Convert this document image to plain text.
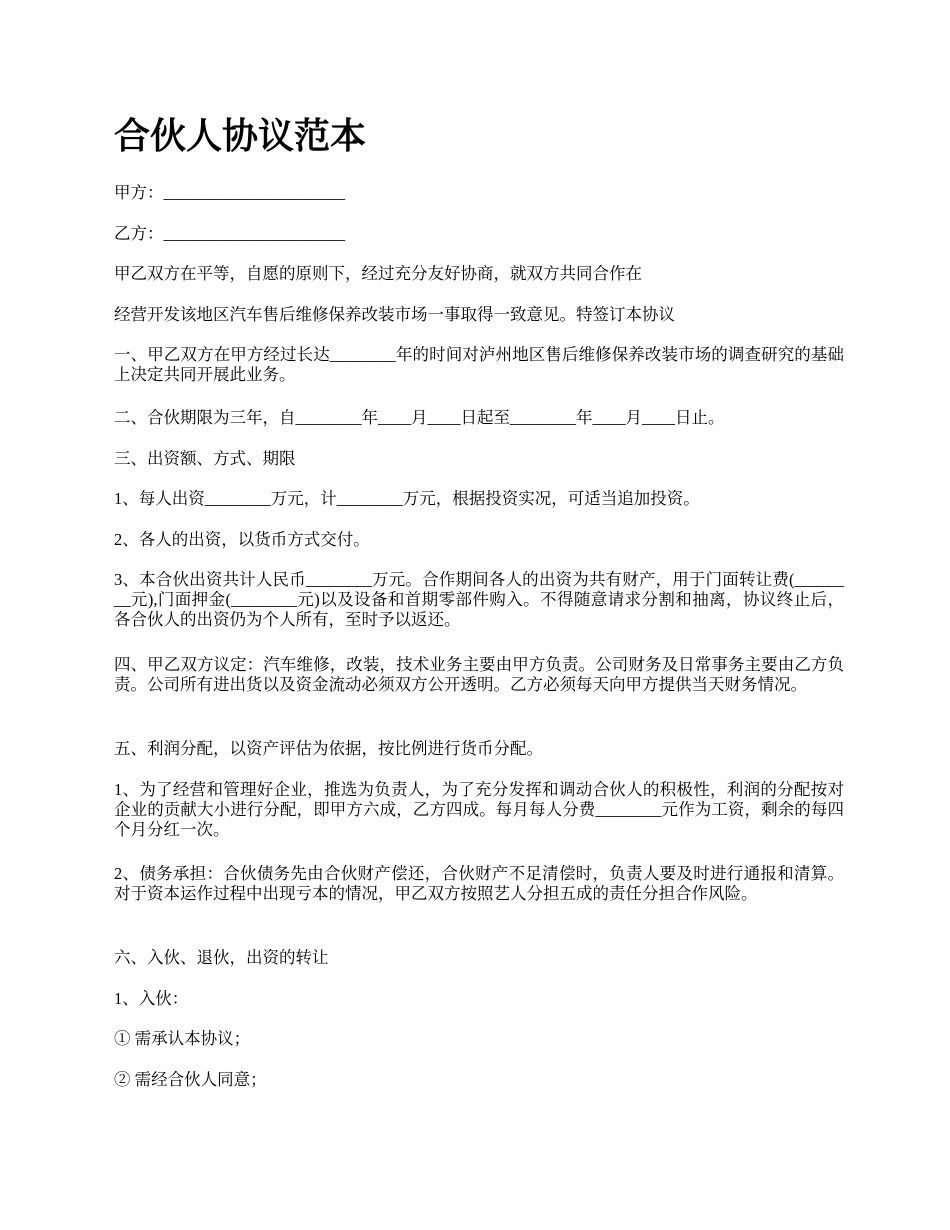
合伙人协议范本

甲方：______________________

乙方：______________________

甲乙双方在平等，自愿的原则下，经过充分友好协商，就双方共同合作在

经营开发该地区汽车售后维修保养改装市场一事取得一致意见。特签订本协议

一、甲乙双方在甲方经过长达________年的时间对泸州地区售后维修保养改装市场的调查研究的基础上决定共同开展此业务。

二、合伙期限为三年，自________年____月____日起至________年____月____日止。

三、出资额、方式、期限

1、每人出资________万元，计________万元，根据投资实况，可适当追加投资。

2、各人的出资，以货币方式交付。

3、本合伙出资共计人民币________万元。合作期间各人的出资为共有财产，用于门面转让费(________元),门面押金(________元)以及设备和首期零部件购入。不得随意请求分割和抽离，协议终止后，各合伙人的出资仍为个人所有，至时予以返还。

四、甲乙双方议定：汽车维修，改装，技术业务主要由甲方负责。公司财务及日常事务主要由乙方负责。公司所有进出货以及资金流动必须双方公开透明。乙方必须每天向甲方提供当天财务情况。

五、利润分配，以资产评估为依据，按比例进行货币分配。

1、为了经营和管理好企业，推选为负责人，为了充分发挥和调动合伙人的积极性，利润的分配按对企业的贡献大小进行分配，即甲方六成，乙方四成。每月每人分费________元作为工资，剩余的每四个月分红一次。

2、债务承担：合伙债务先由合伙财产偿还，合伙财产不足清偿时，负责人要及时进行通报和清算。对于资本运作过程中出现亏本的情况，甲乙双方按照艺人分担五成的责任分担合作风险。

六、入伙、退伙，出资的转让

1、入伙：

① 需承认本协议；

② 需经合伙人同意；
